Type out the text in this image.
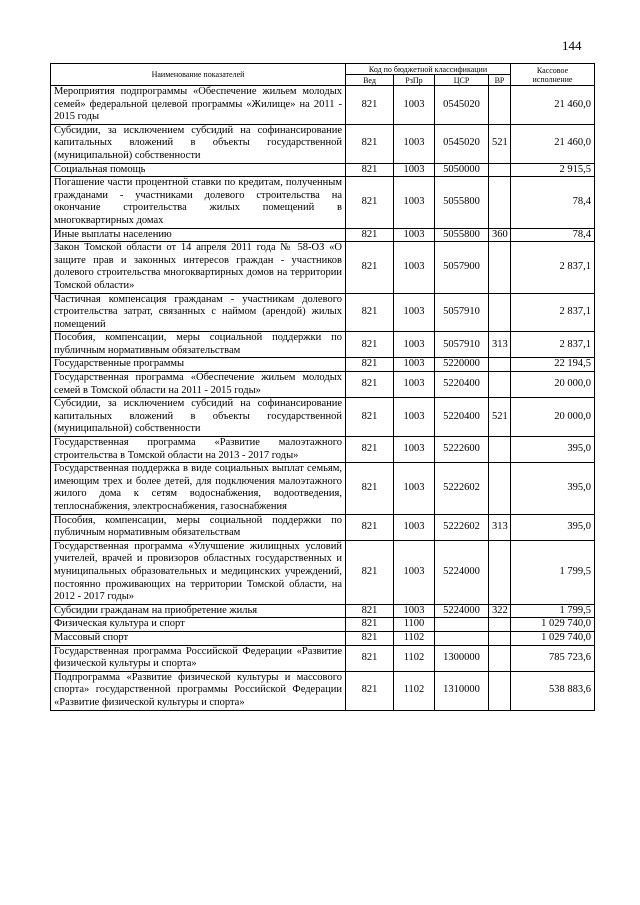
144
Наименование показателей	Код по бюджетной классификации				Кассовое
исполнение
	Вед	РзПр	ЦСР	ВР	
Мероприятия подпрограммы «Обеспечение жильем молодых семей» федеральной целевой программы «Жилище» на 2011 - 2015 годы	821	1003	0545020		21 460,0
Субсидии, за исключением субсидий на софинансирование капитальных вложений в объекты государственной (муниципальной) собственности	821	1003	0545020	521	21 460,0
Социальная помощь	821	1003	5050000		2 915,5
Погашение части процентной ставки по кредитам, полученным гражданами - участниками долевого строительства на окончание строительства жилых помещений в многоквартирных домах	821	1003	5055800		78,4
Иные выплаты населению	821	1003	5055800	360	78,4
Закон Томской области от 14 апреля 2011 года № 58-ОЗ «О защите прав и законных интересов граждан - участников долевого строительства многоквартирных домов на территории Томской области»	821	1003	5057900		2 837,1
Частичная компенсация гражданам - участникам долевого строительства затрат, связанных с наймом (арендой) жилых помещений	821	1003	5057910		2 837,1
Пособия, компенсации, меры социальной поддержки по публичным нормативным обязательствам	821	1003	5057910	313	2 837,1
Государственные программы	821	1003	5220000		22 194,5
Государственная программа «Обеспечение жильем молодых семей в Томской области на 2011 - 2015 годы»	821	1003	5220400		20 000,0
Субсидии, за исключением субсидий на софинансирование капитальных вложений в объекты государственной (муниципальной) собственности	821	1003	5220400	521	20 000,0
Государственная программа «Развитие малоэтажного строительства в Томской области на 2013 - 2017 годы»	821	1003	5222600		395,0
Государственная поддержка в виде социальных выплат семьям, имеющим трех и более детей, для подключения малоэтажного жилого дома к сетям водоснабжения, водоотведения, теплоснабжения, электроснабжения, газоснабжения	821	1003	5222602		395,0
Пособия, компенсации, меры социальной поддержки по публичным нормативным обязательствам	821	1003	5222602	313	395,0
Государственная программа «Улучшение жилищных условий учителей, врачей и провизоров областных государственных и муниципальных образовательных и медицинских учреждений, постоянно проживающих на территории Томской области, на 2012 - 2017 годы»	821	1003	5224000		1 799,5
Субсидии гражданам на приобретение жилья	821	1003	5224000	322	1 799,5
Физическая культура и спорт	821	1100			1 029 740,0
Массовый спорт	821	1102			1 029 740,0
Государственная программа Российской Федерации «Развитие физической культуры и спорта»	821	1102	1300000		785 723,6
Подпрограмма «Развитие физической культуры и массового спорта» государственной программы Российской Федерации «Развитие физической культуры и спорта»	821	1102	1310000		538 883,6
